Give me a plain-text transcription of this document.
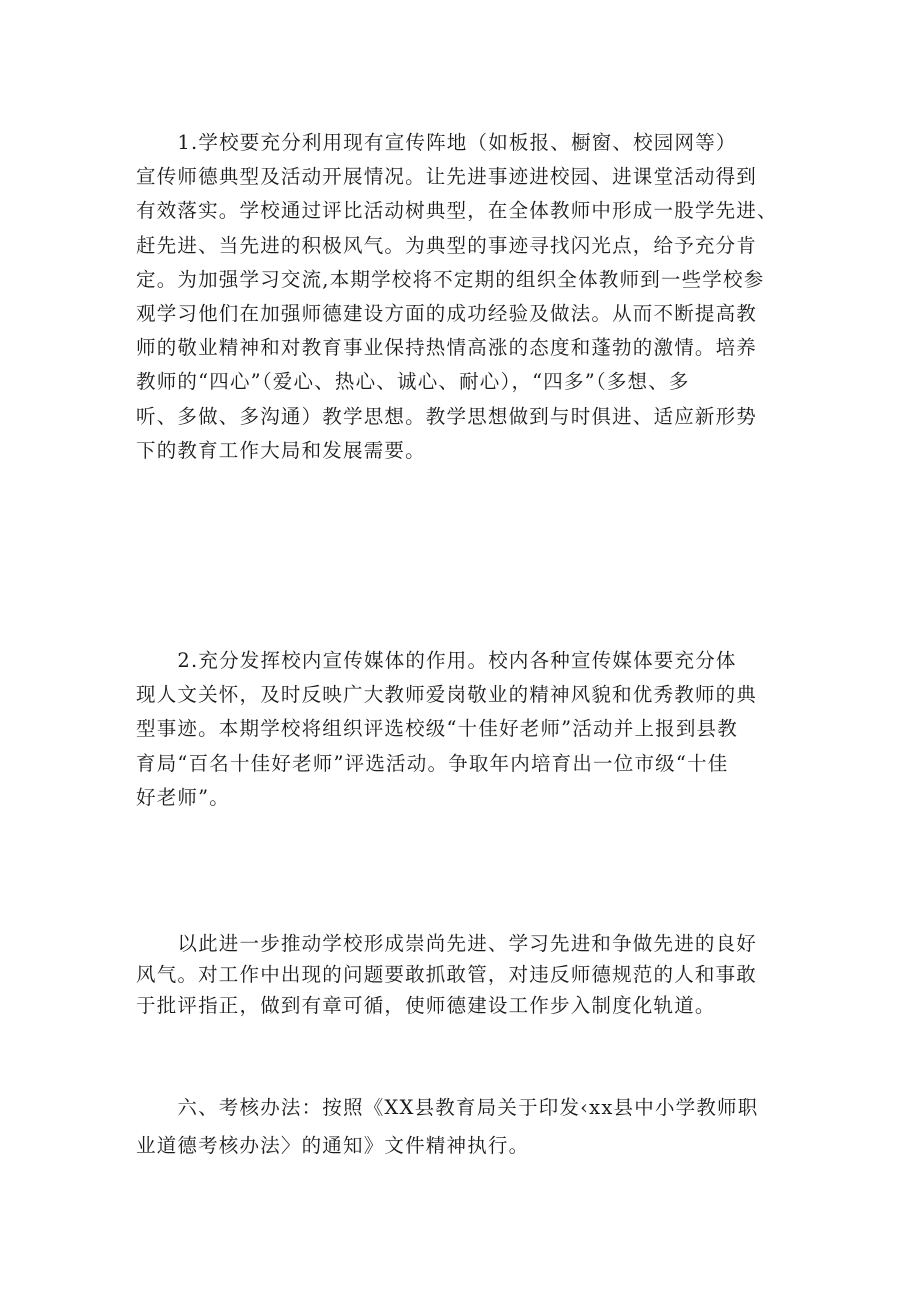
　　1.学校要充分利用现有宣传阵地（如板报、橱窗、校园网等）
宣传师德典型及活动开展情况。让先进事迹进校园、进课堂活动得到
有效落实。学校通过评比活动树典型，在全体教师中形成一股学先进、
赶先进、当先进的积极风气。为典型的事迹寻找闪光点，给予充分肯
定。为加强学习交流,本期学校将不定期的组织全体教师到一些学校参
观学习他们在加强师德建设方面的成功经验及做法。从而不断提高教
师的敬业精神和对教育事业保持热情高涨的态度和蓬勃的激情。培养
教师的“四心”（爱心、热心、诚心、耐心），“四多”（多想、多
听、多做、多沟通）教学思想。教学思想做到与时俱进、适应新形势
下的教育工作大局和发展需要。
　　2.充分发挥校内宣传媒体的作用。校内各种宣传媒体要充分体
现人文关怀，及时反映广大教师爱岗敬业的精神风貌和优秀教师的典
型事迹。本期学校将组织评选校级“十佳好老师”活动并上报到县教
育局“百名十佳好老师”评选活动。争取年内培育出一位市级“十佳
好老师”。
　　以此进一步推动学校形成崇尚先进、学习先进和争做先进的良好
风气。对工作中出现的问题要敢抓敢管，对违反师德规范的人和事敢
于批评指正，做到有章可循，使师德建设工作步入制度化轨道。
　　六、考核办法：按照《XX县教育局关于印发‹xx县中小学教师职
业道德考核办法〉的通知》文件精神执行。
